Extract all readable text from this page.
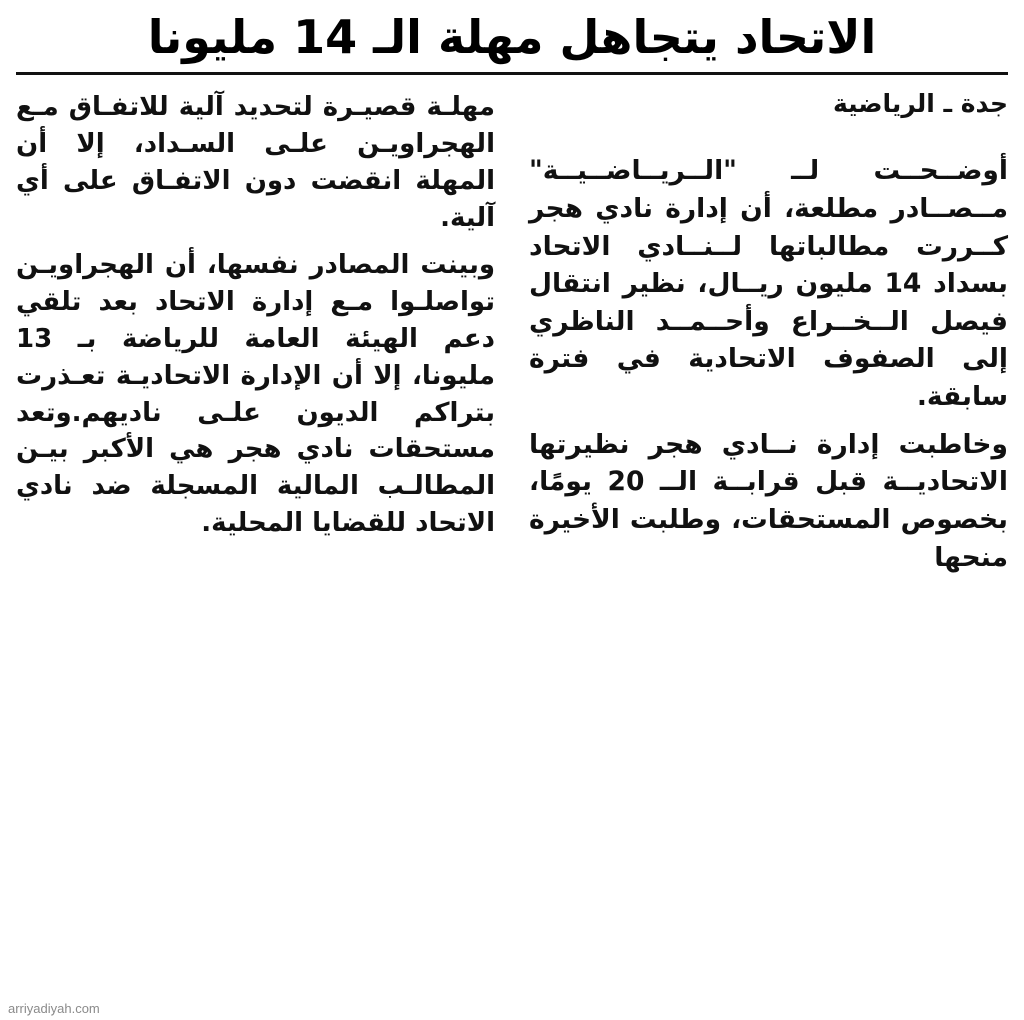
الاتحاد يتجاهل مهلة الـ 14 مليونا
جدة ـ الرياضية

أوضــحــت لــ "الــريــاضــيــة" مــصــادر مطلعة، أن إدارة نادي هجر كــررت مطالباتها لــنــادي الاتحاد بسداد 14 مليون ريــال، نظير انتقال فيصل الــخــراع وأحــمــد الناظري إلى الصفوف الاتحادية في فترة سابقة.

وخاطبت إدارة نــادي هجر نظيرتها الاتحاديــة قبل قرابــة الــ 20 يومًا، بخصوص المستحقات، وطلبت الأخيرة منحها

مهلـة قصيـرة لتحديد آلية للاتفـاق مـع الهجراويـن علـى السـداد، إلا أن المهلة انقضت دون الاتفـاق على أي آلية.

وبينت المصادر نفسها، أن الهجراويـن تواصلـوا مـع إدارة الاتحاد بعد تلقي دعم الهيئة العامة للرياضة بـ 13 مليونا، إلا أن الإدارة الاتحاديـة تعـذرت بتراكم الديون علـى ناديهم.وتعد مستحقات نادي هجر هي الأكبر بيـن المطالـب المالية المسجلة ضد نادي الاتحاد للقضايا المحلية.

arriyadiyah.com
